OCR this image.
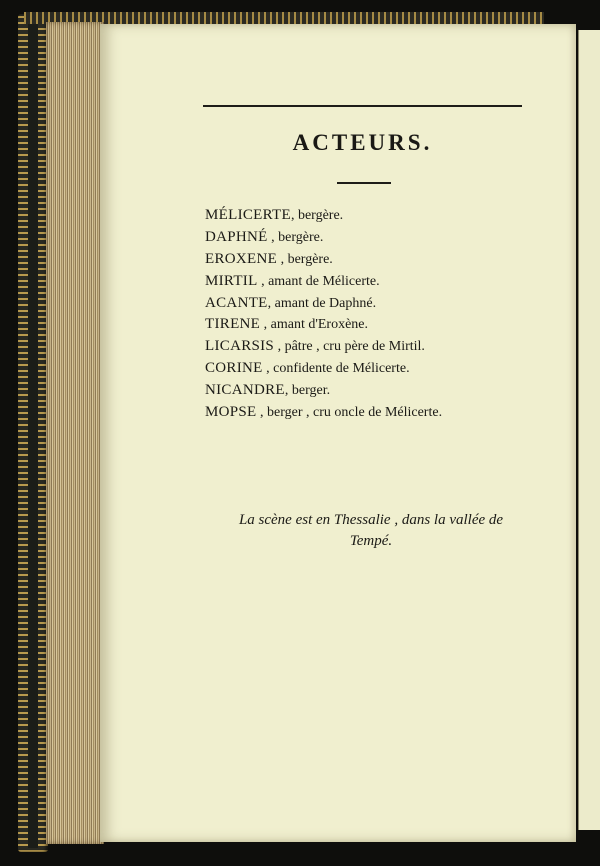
ACTEURS.
MÉLICERTE, bergère.
DAPHNÉ , bergère.
EROXENE , bergère.
MIRTIL , amant de Mélicerte.
ACANTE, amant de Daphné.
TIRENE , amant d'Eroxène.
LICARSIS , pâtre , cru père de Mirtil.
CORINE , confidente de Mélicerte.
NICANDRE, berger.
MOPSE , berger , cru oncle de Mélicerte.

La scène est en Thessalie , dans la vallée de
Tempé.
